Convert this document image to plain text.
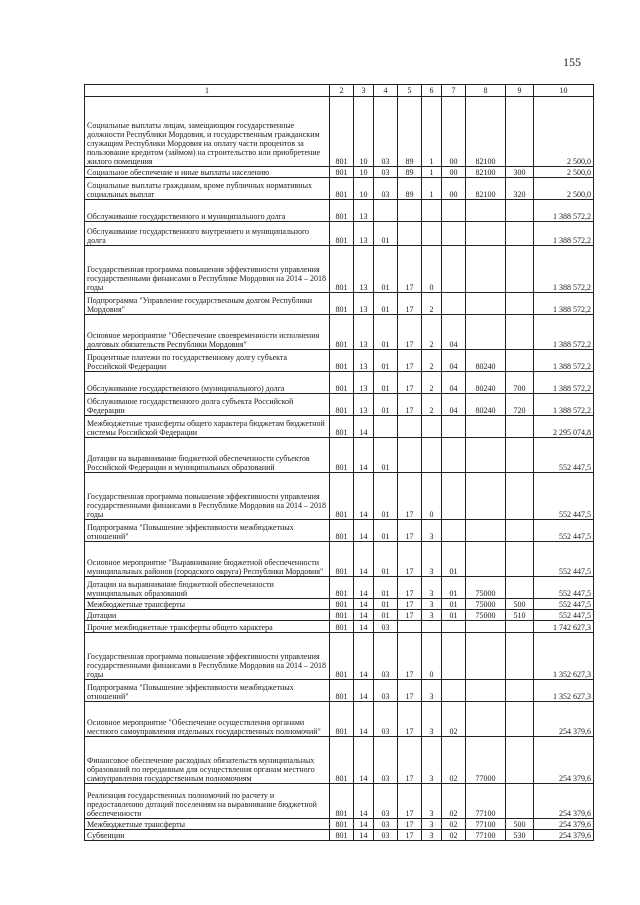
155
1	2	3	4	5	6	7	8	9	10
Социальные выплаты лицам, замещающим государственные должности Республики Мордовия, и государственным гражданским служащим Республики Мордовия на оплату части процентов за пользование кредитом (займом) на строительство или приобретение жилого помещения	801	10	03	89	1	00	82100		2 500,0
Социальное обеспечение и иные выплаты населению	801	10	03	89	1	00	82100	300	2 500,0
Социальные выплаты гражданам, кроме публичных нормативных социальных выплат	801	10	03	89	1	00	82100	320	2 500,0
Обслуживание государственного и муниципального долга	801	13							1 388 572,2
Обслуживание государственного внутреннего и муниципального долга	801	13	01						1 388 572,2
Государственная программа повышения эффективности управления государственными финансами в Республике Мордовия на 2014 – 2018 годы	801	13	01	17	0				1 388 572,2
Подпрограмма "Управление государственным долгом Республики Мордовия"	801	13	01	17	2				1 388 572,2
Основное мероприятие "Обеспечение своевременности исполнения долговых обязательств Республики Мордовия"	801	13	01	17	2	04			1 388 572,2
Процентные платежи по государственному долгу субъекта Российской Федерации	801	13	01	17	2	04	80240		1 388 572,2
Обслуживание государственного (муниципального) долга	801	13	01	17	2	04	80240	700	1 388 572,2
Обслуживание государственного долга субъекта Российской Федерации	801	13	01	17	2	04	80240	720	1 388 572,2
Межбюджетные трансферты общего характера бюджетам бюджетной системы Российской Федерации	801	14							2 295 074,8
Дотации на выравнивание бюджетной обеспеченности субъектов Российской Федерации и муниципальных образований	801	14	01						552 447,5
Государственная программа повышения эффективности управления государственными финансами в Республике Мордовия на 2014 – 2018 годы	801	14	01	17	0				552 447,5
Подпрограмма "Повышение эффективности межбюджетных отношений"	801	14	01	17	3				552 447,5
Основное мероприятие "Выравнивание бюджетной обеспеченности муниципальных районов (городского округа) Республики Мордовия"	801	14	01	17	3	01			552 447,5
Дотации на выравнивание бюджетной обеспеченности муниципальных образований	801	14	01	17	3	01	75000		552 447,5
Межбюджетные трансферты	801	14	01	17	3	01	75000	500	552 447,5
Дотации	801	14	01	17	3	01	75000	510	552 447,5
Прочие межбюджетные трансферты общего характера	801	14	03						1 742 627,3
Государственная программа повышения эффективности управления государственными финансами в Республике Мордовия на 2014 – 2018 годы	801	14	03	17	0				1 352 627,3
Подпрограмма "Повышение эффективности межбюджетных отношений"	801	14	03	17	3				1 352 627,3
Основное мероприятие "Обеспечение осуществления органами местного самоуправления отдельных государственных полномочий"	801	14	03	17	3	02			254 379,6
Финансовое обеспечение расходных обязательств муниципальных образований по переданным для осуществления органам местного самоуправления государственным полномочиям	801	14	03	17	3	02	77000		254 379,6
Реализация государственных полномочий по расчету и предоставлению дотаций поселениям на выравнивание бюджетной обеспеченности	801	14	03	17	3	02	77100		254 379,6
Межбюджетные трансферты	801	14	03	17	3	02	77100	500	254 379,6
Субвенции	801	14	03	17	3	02	77100	530	254 379,6
